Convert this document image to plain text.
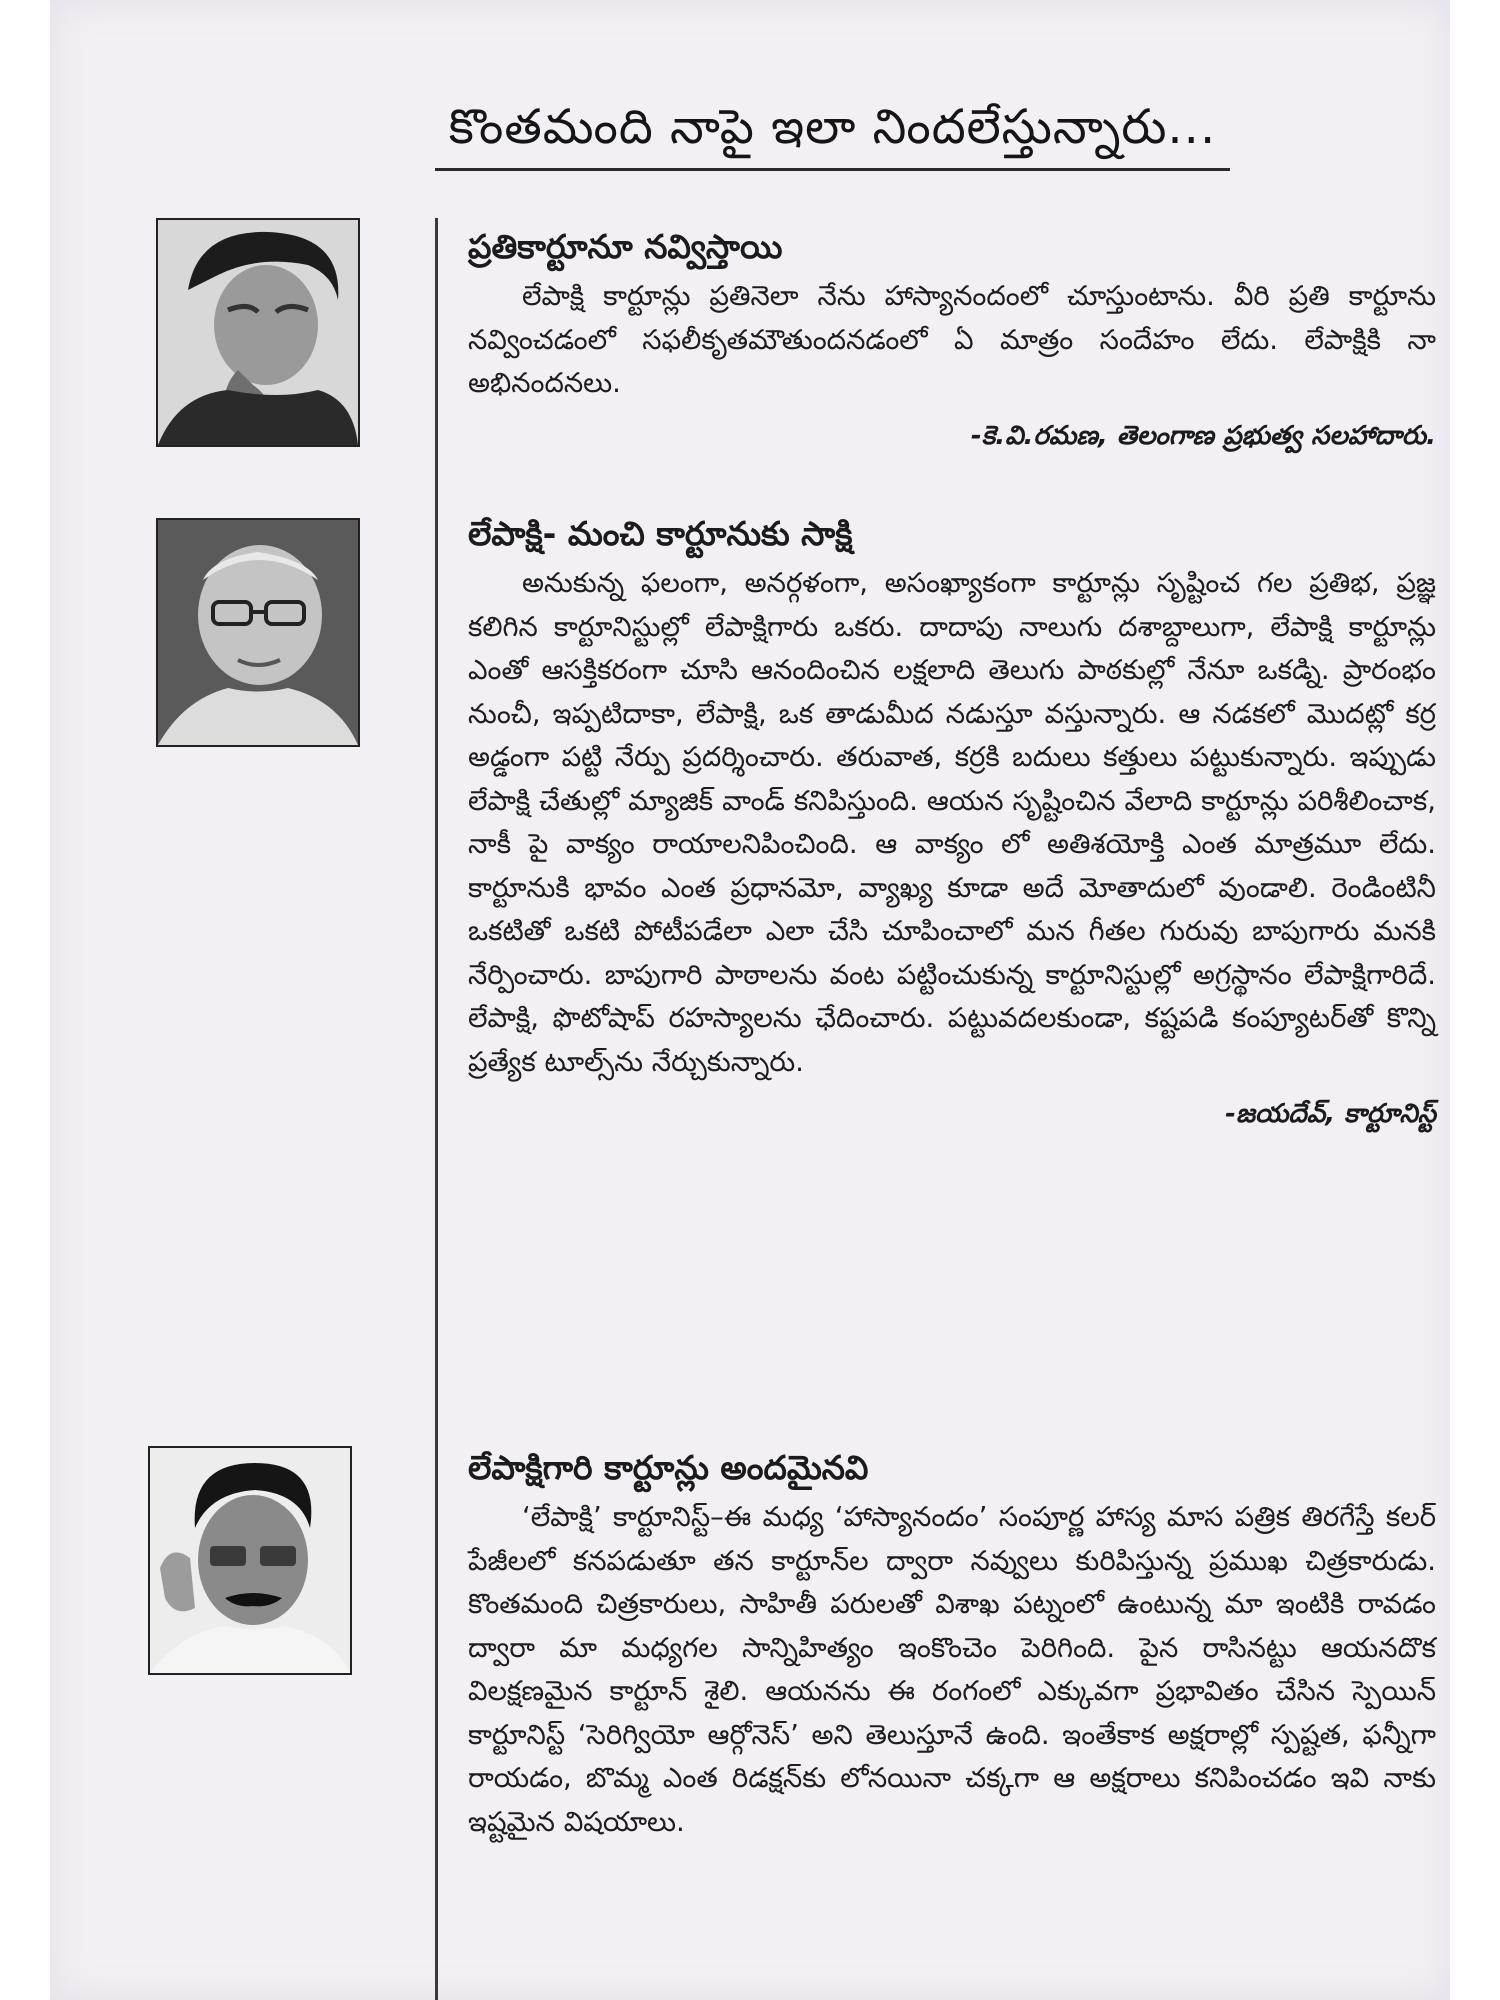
కొంతమంది నాపై ఇలా నిందలేస్తున్నారు...
ప్రతికార్టూనూ నవ్విస్తాయి

లేపాక్షి కార్టూన్లు ప్రతినెలా నేను హాస్యానందంలో చూస్తుంటాను. వీరి ప్రతి కార్టూను నవ్వించడంలో సఫలీకృతమౌతుందనడంలో ఏ మాత్రం సందేహం లేదు. లేపాక్షికి నా అభినందనలు.

-కె.వి.రమణ, తెలంగాణ ప్రభుత్వ సలహాదారు.
లేపాక్షి- మంచి కార్టూనుకు సాక్షి

అనుకున్న ఫలంగా, అనర్గళంగా, అసంఖ్యాకంగా కార్టూన్లు సృష్టించ గల ప్రతిభ, ప్రజ్ఞ కలిగిన కార్టూనిస్టుల్లో లేపాక్షిగారు ఒకరు. దాదాపు నాలుగు దశాబ్దాలుగా, లేపాక్షి కార్టూన్లు ఎంతో ఆసక్తికరంగా చూసి ఆనందించిన లక్షలాది తెలుగు పాఠకుల్లో నేనూ ఒకడ్ని. ప్రారంభం నుంచీ, ఇప్పటిదాకా, లేపాక్షి, ఒక తాడుమీద నడుస్తూ వస్తున్నారు. ఆ నడకలో మొదట్లో కర్ర అడ్డంగా పట్టి నేర్పు ప్రదర్శించారు. తరువాత, కర్రకి బదులు కత్తులు పట్టుకున్నారు. ఇప్పుడు లేపాక్షి చేతుల్లో మ్యాజిక్ వాండ్ కనిపిస్తుంది. ఆయన సృష్టించిన వేలాది కార్టూన్లు పరిశీలించాక, నాకీ పై వాక్యం రాయాలనిపించింది. ఆ వాక్యం లో అతిశయోక్తి ఎంత మాత్రమూ లేదు. కార్టూనుకి భావం ఎంత ప్రధానమో, వ్యాఖ్య కూడా అదే మోతాదులో వుండాలి. రెండింటినీ ఒకటితో ఒకటి పోటీపడేలా ఎలా చేసి చూపించాలో మన గీతల గురువు బాపుగారు మనకి నేర్పించారు. బాపుగారి పాఠాలను వంట పట్టించుకున్న కార్టూనిస్టుల్లో అగ్రస్థానం లేపాక్షిగారిదే. లేపాక్షి, ఫొటోషాప్ రహస్యాలను ఛేదించారు. పట్టువదలకుండా, కష్టపడి కంప్యూటర్‌తో కొన్ని ప్రత్యేక టూల్స్‌ను నేర్చుకున్నారు.

-జయదేవ్, కార్టూనిస్ట్
లేపాక్షిగారి కార్టూన్లు అందమైనవి

‘లేపాక్షి’ కార్టూనిస్ట్–ఈ మధ్య ‘హాస్యానందం’ సంపూర్ణ హాస్య మాస పత్రిక తిరగేస్తే కలర్ పేజీలలో కనపడుతూ తన కార్టూన్‌ల ద్వారా నవ్వులు కురిపిస్తున్న ప్రముఖ చిత్రకారుడు. కొంతమంది చిత్రకారులు, సాహితీ పరులతో విశాఖ పట్నంలో ఉంటున్న మా ఇంటికి రావడం ద్వారా మా మధ్యగల సాన్నిహిత్యం ఇంకొంచెం పెరిగింది. పైన రాసినట్టు ఆయనదొక విలక్షణమైన కార్టూన్ శైలి. ఆయనను ఈ రంగంలో ఎక్కువగా ప్రభావితం చేసిన స్పెయిన్ కార్టూనిస్ట్ ‘సెరిగ్వియో ఆర్గోనెస్’ అని తెలుస్తూనే ఉంది. ఇంతేకాక అక్షరాల్లో స్పష్టత, ఫన్నీగా రాయడం, బొమ్మ ఎంత రిడక్షన్‌కు లోనయినా చక్కగా ఆ అక్షరాలు కనిపించడం ఇవి నాకు ఇష్టమైన విషయాలు.
